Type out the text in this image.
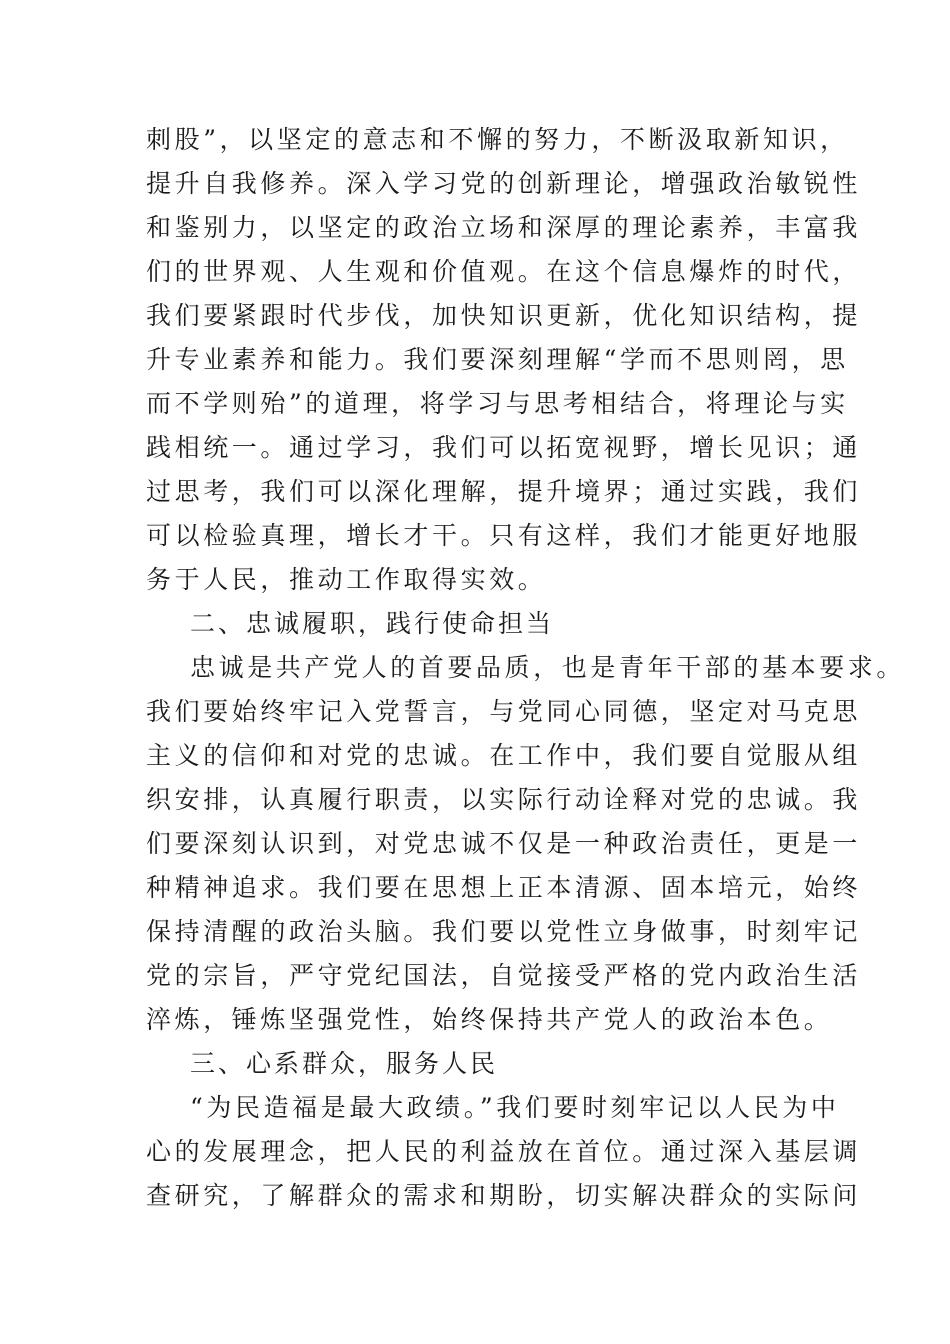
刺股”，以坚定的意志和不懈的努力，不断汲取新知识，
提升自我修养。深入学习党的创新理论，增强政治敏锐性
和鉴别力，以坚定的政治立场和深厚的理论素养，丰富我
们的世界观、人生观和价值观。在这个信息爆炸的时代，
我们要紧跟时代步伐，加快知识更新，优化知识结构，提
升专业素养和能力。我们要深刻理解“学而不思则罔，思
而不学则殆”的道理，将学习与思考相结合，将理论与实
践相统一。通过学习，我们可以拓宽视野，增长见识；通
过思考，我们可以深化理解，提升境界；通过实践，我们
可以检验真理，增长才干。只有这样，我们才能更好地服
务于人民，推动工作取得实效。
二、忠诚履职，践行使命担当
忠诚是共产党人的首要品质，也是青年干部的基本要求。
我们要始终牢记入党誓言，与党同心同德，坚定对马克思
主义的信仰和对党的忠诚。在工作中，我们要自觉服从组
织安排，认真履行职责，以实际行动诠释对党的忠诚。我
们要深刻认识到，对党忠诚不仅是一种政治责任，更是一
种精神追求。我们要在思想上正本清源、固本培元，始终
保持清醒的政治头脑。我们要以党性立身做事，时刻牢记
党的宗旨，严守党纪国法，自觉接受严格的党内政治生活
淬炼，锤炼坚强党性，始终保持共产党人的政治本色。
三、心系群众，服务人民
“为民造福是最大政绩。”我们要时刻牢记以人民为中
心的发展理念，把人民的利益放在首位。通过深入基层调
查研究，了解群众的需求和期盼，切实解决群众的实际问
